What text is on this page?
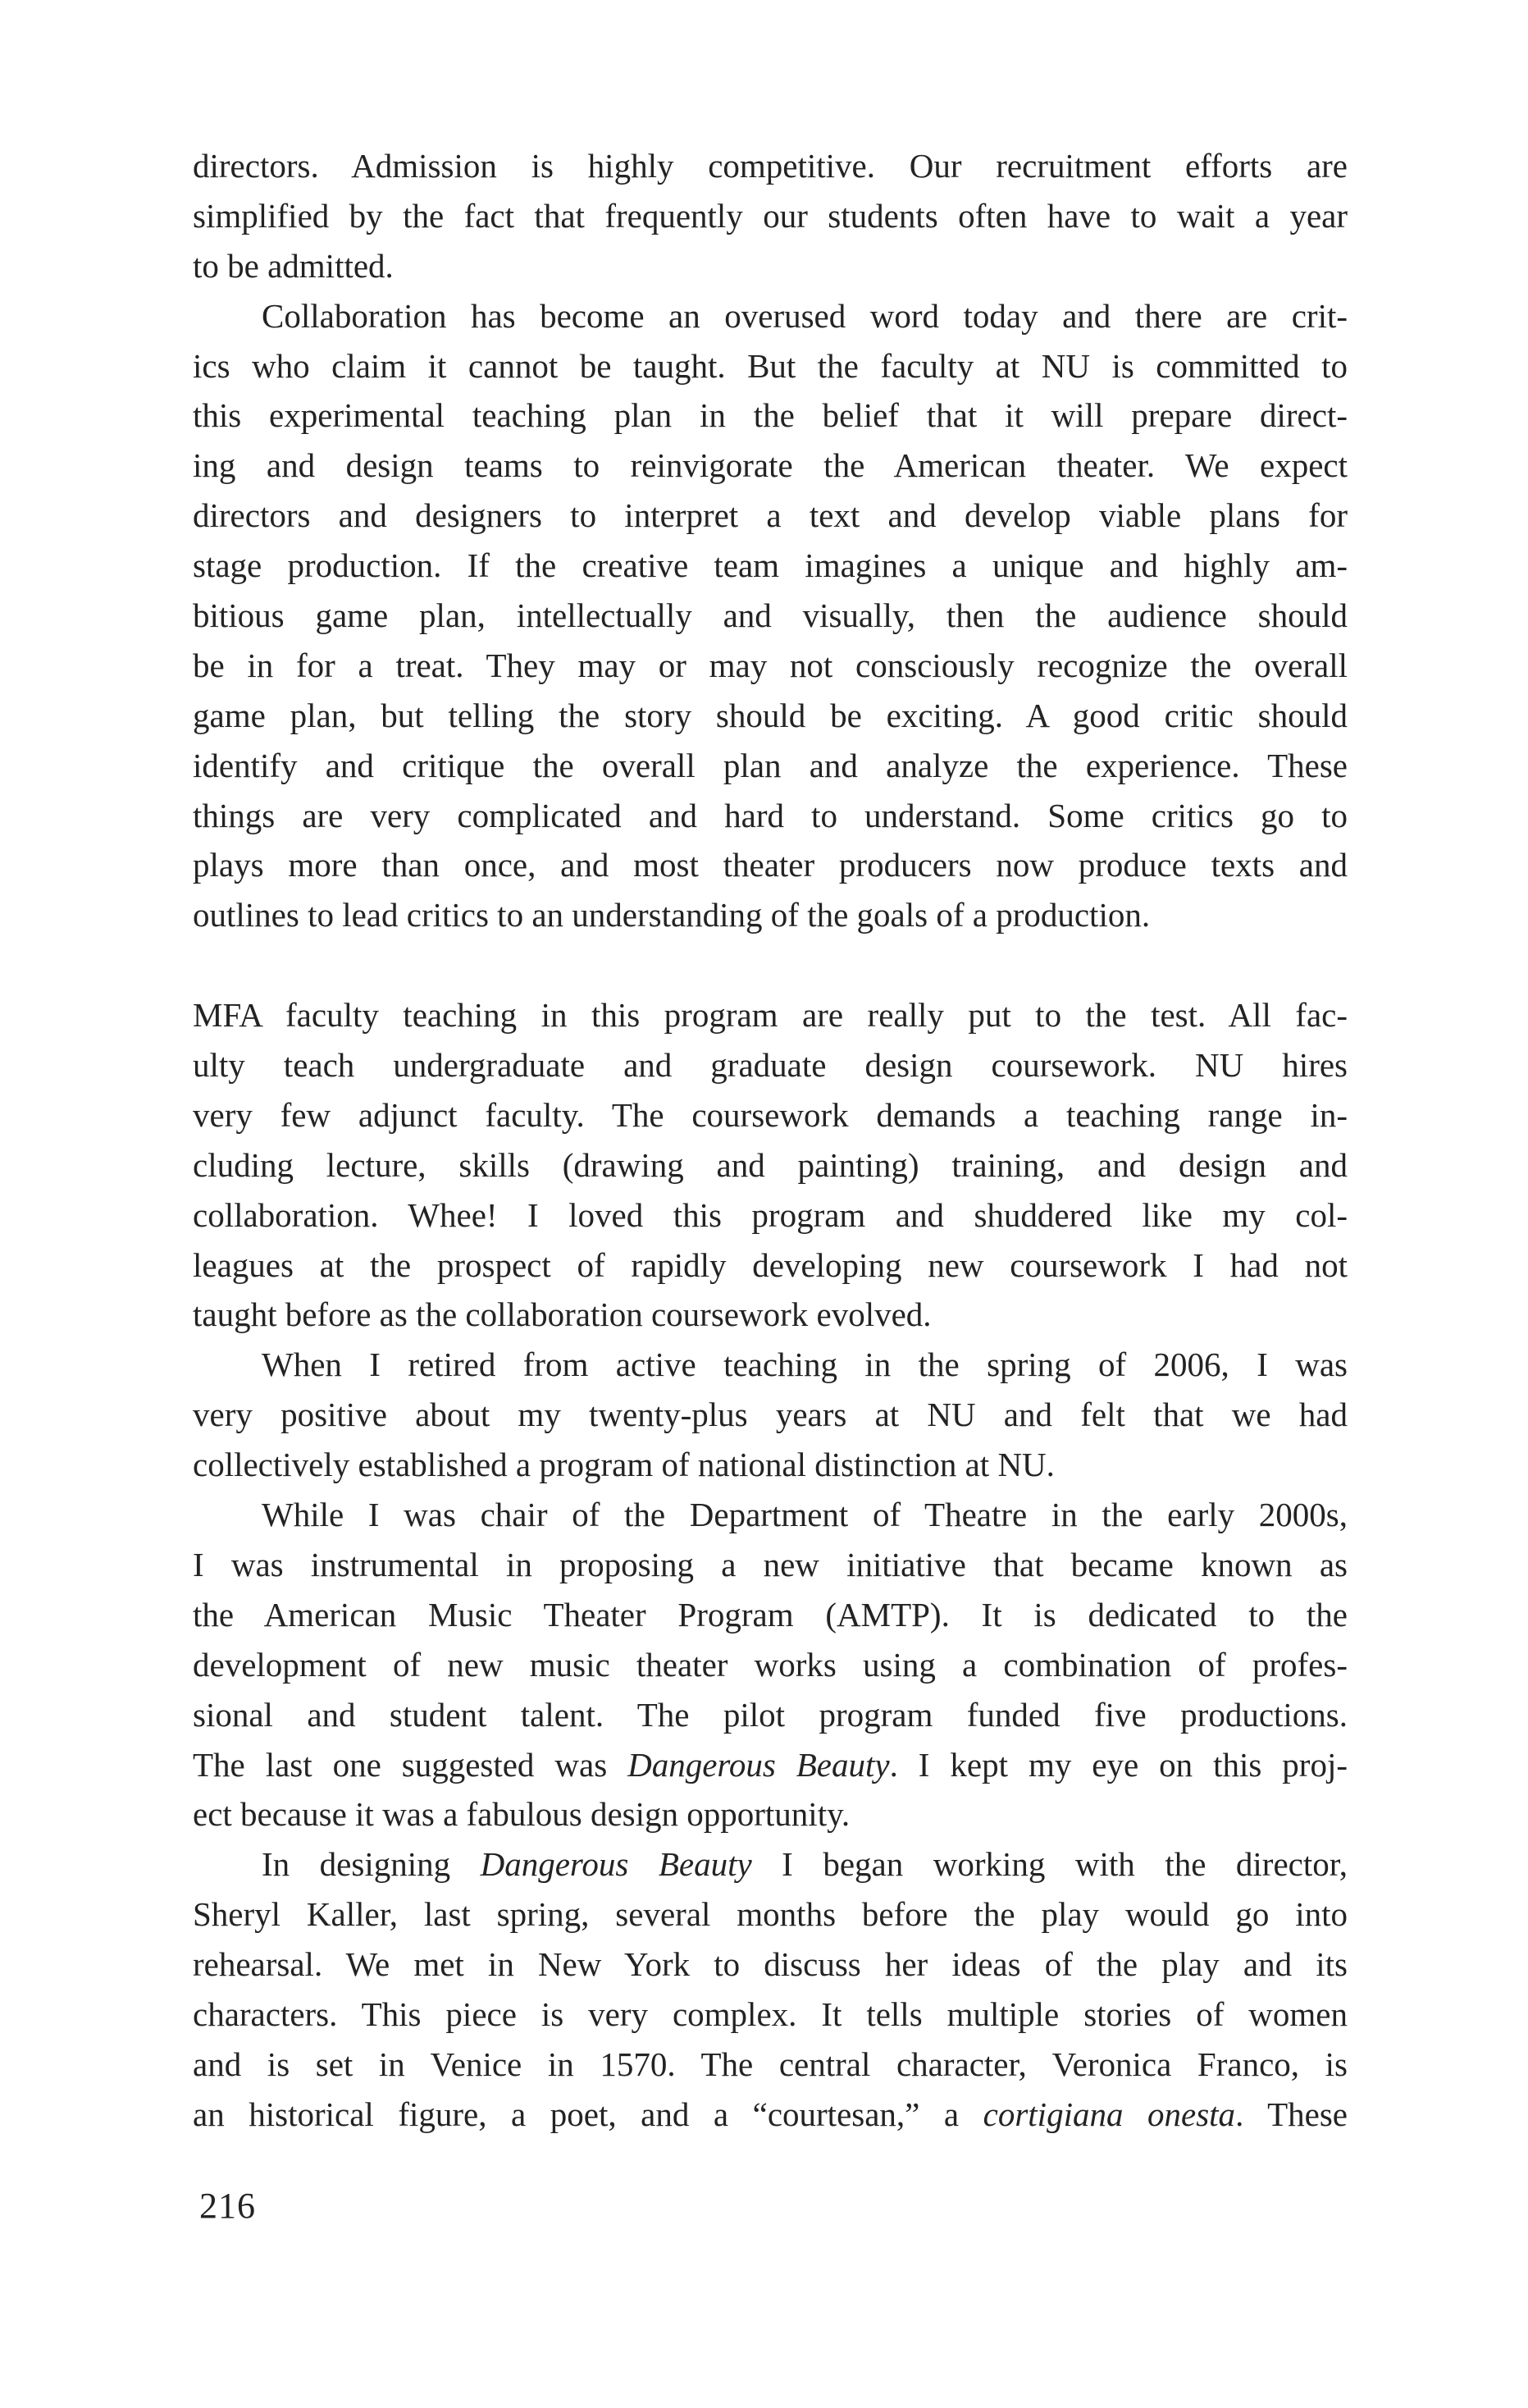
directors. Admission is highly competitive. Our recruitment efforts are
simplified by the fact that frequently our students often have to wait a year
to be admitted.
Collaboration has become an overused word today and there are crit-
ics who claim it cannot be taught. But the faculty at NU is committed to
this experimental teaching plan in the belief that it will prepare direct-
ing and design teams to reinvigorate the American theater. We expect
directors and designers to interpret a text and develop viable plans for
stage production. If the creative team imagines a unique and highly am-
bitious game plan, intellectually and visually, then the audience should
be in for a treat. They may or may not consciously recognize the overall
game plan, but telling the story should be exciting. A good critic should
identify and critique the overall plan and analyze the experience. These
things are very complicated and hard to understand. Some critics go to
plays more than once, and most theater producers now produce texts and
outlines to lead critics to an understanding of the goals of a production.
MFA faculty teaching in this program are really put to the test. All fac-
ulty teach undergraduate and graduate design coursework. NU hires
very few adjunct faculty. The coursework demands a teaching range in-
cluding lecture, skills (drawing and painting) training, and design and
collaboration. Whee! I loved this program and shuddered like my col-
leagues at the prospect of rapidly developing new coursework I had not
taught before as the collaboration coursework evolved.
When I retired from active teaching in the spring of 2006, I was
very positive about my twenty-plus years at NU and felt that we had
collectively established a program of national distinction at NU.
While I was chair of the Department of Theatre in the early 2000s,
I was instrumental in proposing a new initiative that became known as
the American Music Theater Program (AMTP). It is dedicated to the
development of new music theater works using a combination of profes-
sional and student talent. The pilot program funded five productions.
The last one suggested was Dangerous Beauty. I kept my eye on this proj-
ect because it was a fabulous design opportunity.
In designing Dangerous Beauty I began working with the director,
Sheryl Kaller, last spring, several months before the play would go into
rehearsal. We met in New York to discuss her ideas of the play and its
characters. This piece is very complex. It tells multiple stories of women
and is set in Venice in 1570. The central character, Veronica Franco, is
an historical figure, a poet, and a “courtesan,” a cortigiana onesta. These
216
